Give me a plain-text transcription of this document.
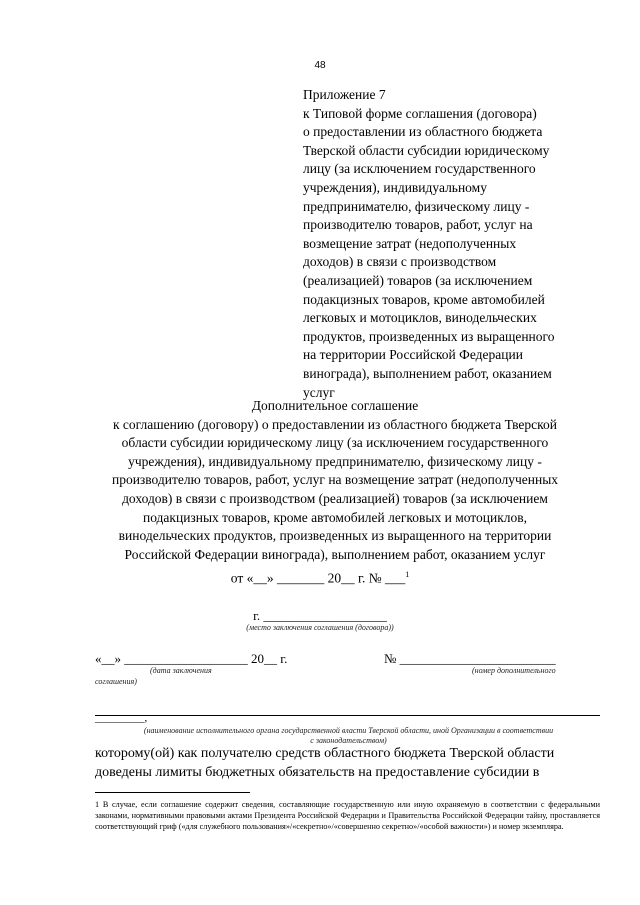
48
Приложение 7
к Типовой форме соглашения (договора)
о предоставлении из областного бюджета
Тверской области субсидии юридическому
лицу (за исключением государственного
учреждения), индивидуальному
предпринимателю, физическому лицу -
производителю товаров, работ, услуг на
возмещение затрат (недополученных
доходов) в связи с производством
(реализацией) товаров (за исключением
подакцизных товаров, кроме автомобилей
легковых и мотоциклов, винодельческих
продуктов, произведенных из выращенного
на территории Российской Федерации
винограда), выполнением работ, оказанием
услуг
Дополнительное соглашение
к соглашению (договору) о предоставлении из областного бюджета Тверской
области субсидии юридическому лицу (за исключением государственного
учреждения), индивидуальному предпринимателю, физическому лицу -
производителю товаров, работ, услуг на возмещение затрат (недополученных
доходов) в связи с производством (реализацией) товаров (за исключением
подакцизных товаров, кроме автомобилей легковых и мотоциклов,
винодельческих продуктов, произведенных из выращенного на территории
Российской Федерации винограда), выполнением работ, оказанием услуг
от «__» _______ 20__ г. № ___$^1$
г. ___________________
(место заключения соглашения (договора))
«__» ___________________ 20__ г.
(дата заключения
соглашения)
№ ________________________
(номер дополнительного
_________,
(наименование исполнительного органа государственной власти Тверской области, иной Организации в соответствии
с законодательством)
которому(ой) как получателю средств областного бюджета Тверской области
доведены лимиты бюджетных обязательств на предоставление субсидии в
1 В случае, если соглашение содержит сведения, составляющие государственную или иную охраняемую в соответствии с федеральными законами, нормативными правовыми актами Президента Российской Федерации и Правительства Российской Федерации тайну, проставляется соответствующий гриф («для служебного пользования»/«секретно»/«совершенно секретно»/«особой важности») и номер экземпляра.
